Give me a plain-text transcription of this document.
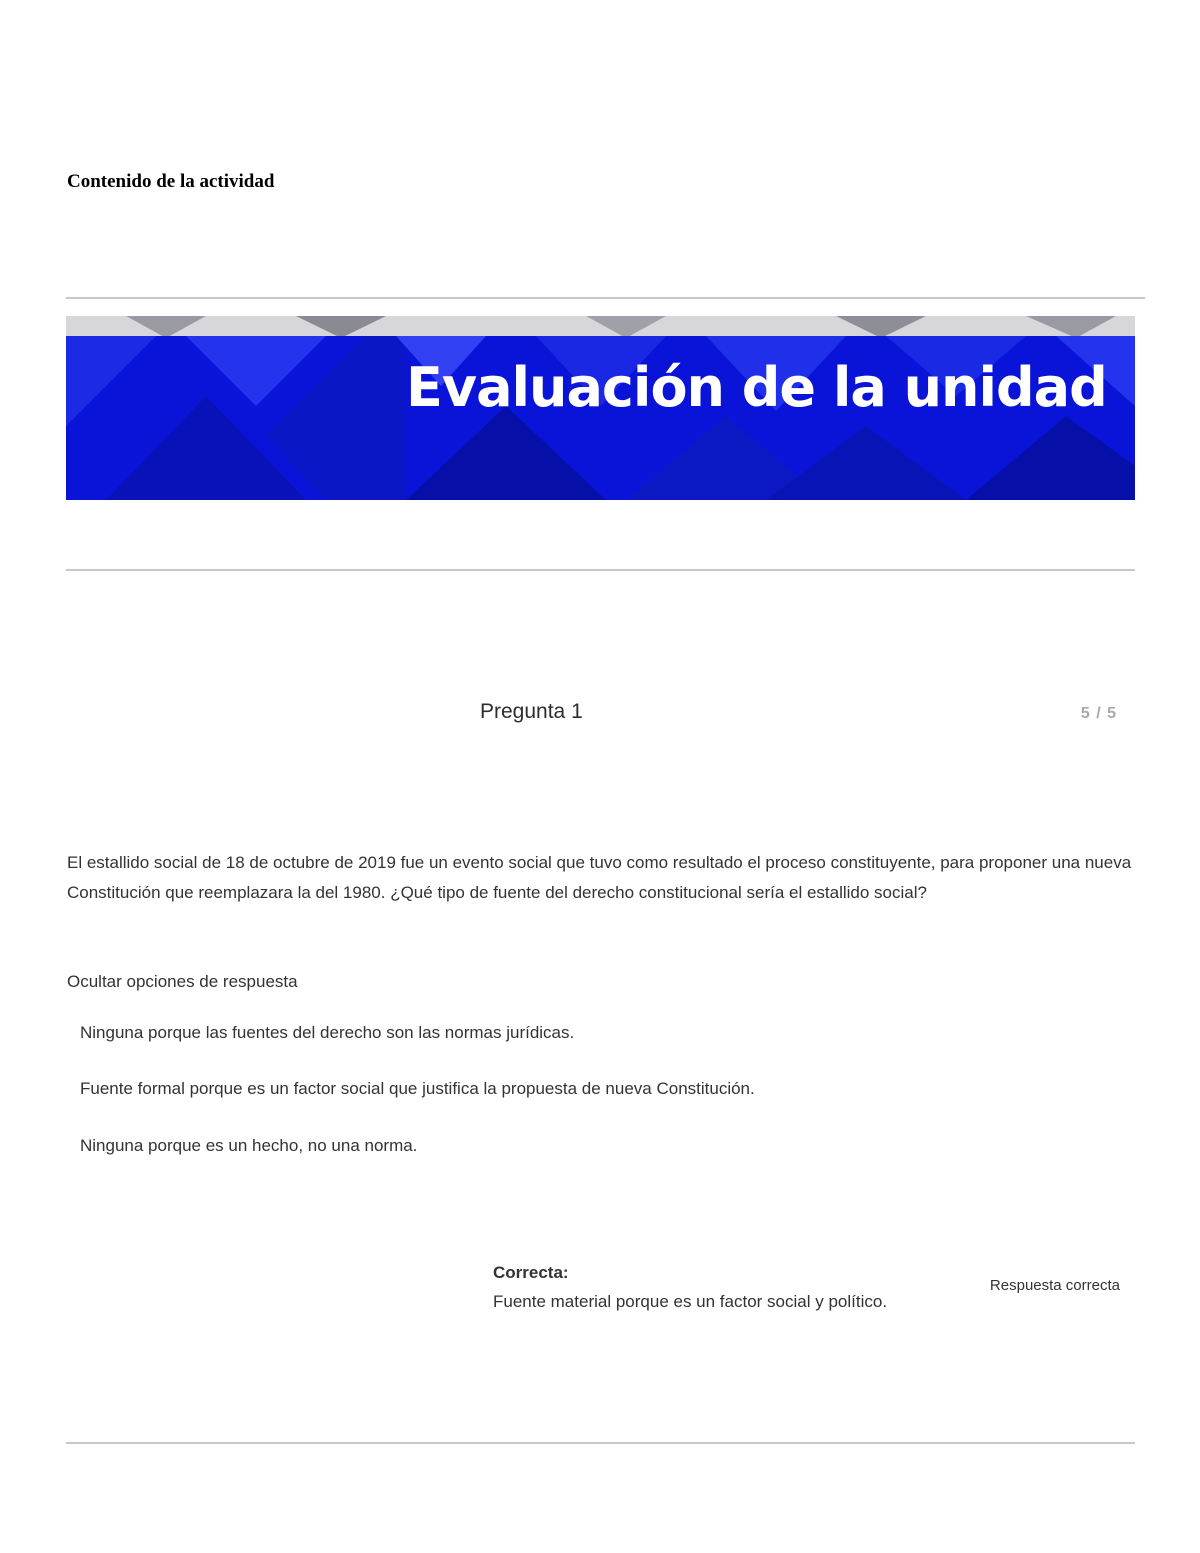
Contenido de la actividad
Evaluación de la unidad
Pregunta 1	5 / 5

El estallido social de 18 de octubre de 2019 fue un evento social que tuvo como resultado el proceso constituyente, para proponer una nueva Constitución que reemplazara la del 1980. ¿Qué tipo de fuente del derecho constitucional sería el estallido social?

Ocultar opciones de respuesta
Ninguna porque las fuentes del derecho son las normas jurídicas.
Fuente formal porque es un factor social que justifica la propuesta de nueva Constitución.
Ninguna porque es un hecho, no una norma.
Correcta:
Fuente material porque es un factor social y político.
Respuesta correcta
